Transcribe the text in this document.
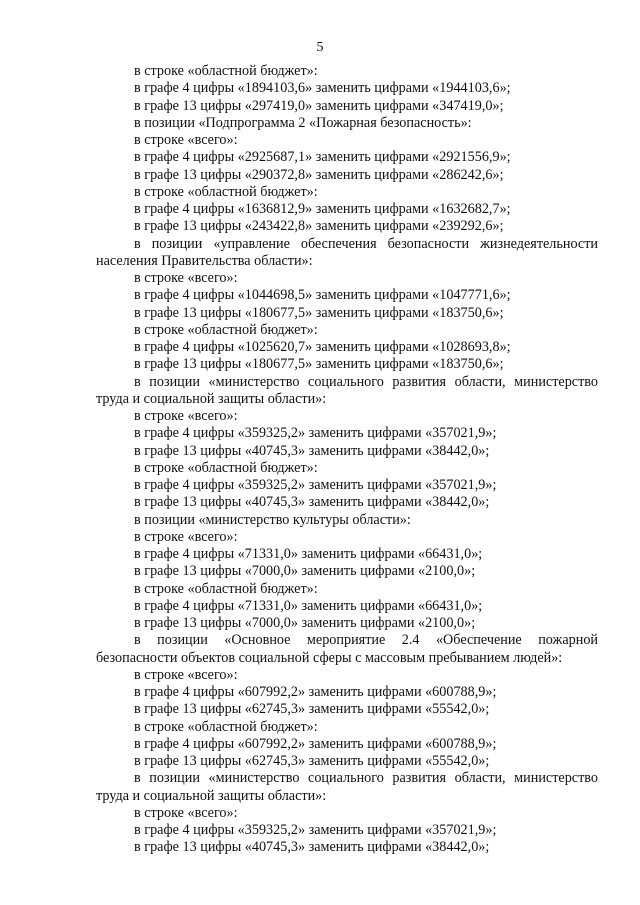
5
в строке «областной бюджет»:
в графе 4 цифры «1894103,6» заменить цифрами «1944103,6»;
в графе 13 цифры «297419,0» заменить цифрами «347419,0»;
в позиции «Подпрограмма 2 «Пожарная безопасность»:
в строке «всего»:
в графе 4 цифры «2925687,1» заменить цифрами «2921556,9»;
в графе 13 цифры «290372,8» заменить цифрами «286242,6»;
в строке «областной бюджет»:
в графе 4 цифры «1636812,9» заменить цифрами «1632682,7»;
в графе 13 цифры «243422,8» заменить цифрами «239292,6»;
в позиции «управление обеспечения безопасности жизнедеятельности
населения Правительства области»:
в строке «всего»:
в графе 4 цифры «1044698,5» заменить цифрами «1047771,6»;
в графе 13 цифры «180677,5» заменить цифрами «183750,6»;
в строке «областной бюджет»:
в графе 4 цифры «1025620,7» заменить цифрами «1028693,8»;
в графе 13 цифры «180677,5» заменить цифрами «183750,6»;
в позиции «министерство социального развития области, министерство
труда и социальной защиты области»:
в строке «всего»:
в графе 4 цифры «359325,2» заменить цифрами «357021,9»;
в графе 13 цифры «40745,3» заменить цифрами «38442,0»;
в строке «областной бюджет»:
в графе 4 цифры «359325,2» заменить цифрами «357021,9»;
в графе 13 цифры «40745,3» заменить цифрами «38442,0»;
в позиции «министерство культуры области»:
в строке «всего»:
в графе 4 цифры «71331,0» заменить цифрами «66431,0»;
в графе 13 цифры «7000,0» заменить цифрами «2100,0»;
в строке «областной бюджет»:
в графе 4 цифры «71331,0» заменить цифрами «66431,0»;
в графе 13 цифры «7000,0» заменить цифрами «2100,0»;
в позиции «Основное мероприятие 2.4 «Обеспечение пожарной
безопасности объектов социальной сферы с массовым пребыванием людей»:
в строке «всего»:
в графе 4 цифры «607992,2» заменить цифрами «600788,9»;
в графе 13 цифры «62745,3» заменить цифрами «55542,0»;
в строке «областной бюджет»:
в графе 4 цифры «607992,2» заменить цифрами «600788,9»;
в графе 13 цифры «62745,3» заменить цифрами «55542,0»;
в позиции «министерство социального развития области, министерство
труда и социальной защиты области»:
в строке «всего»:
в графе 4 цифры «359325,2» заменить цифрами «357021,9»;
в графе 13 цифры «40745,3» заменить цифрами «38442,0»;
